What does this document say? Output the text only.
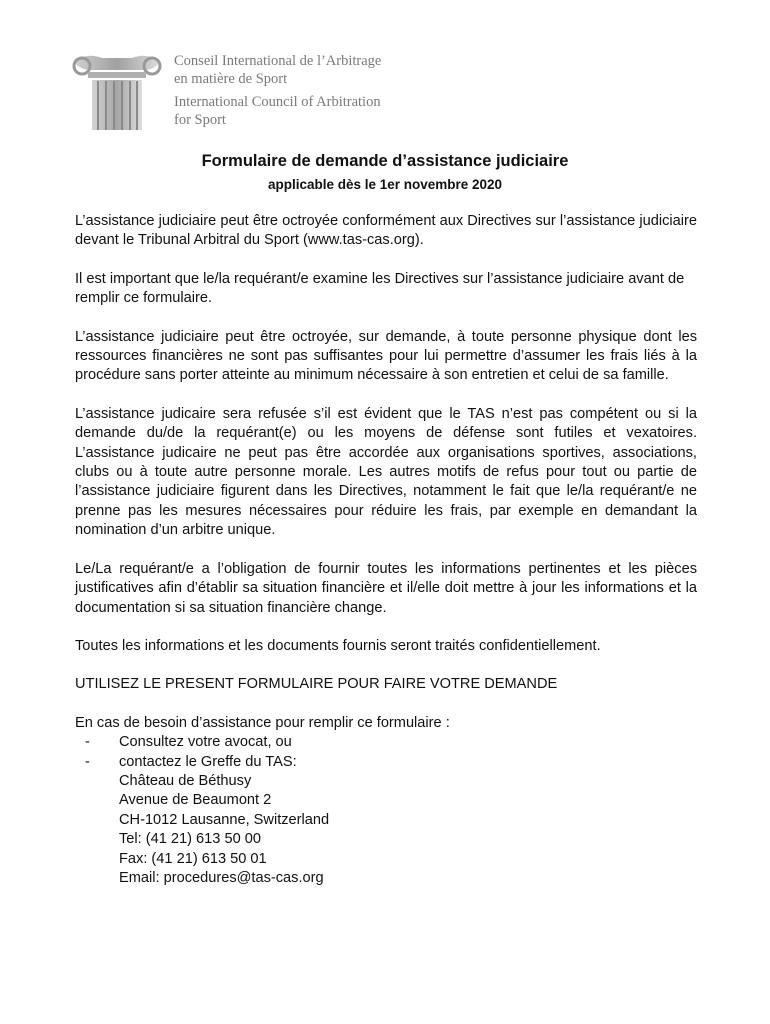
Conseil International de l’Arbitrage
en matière de Sport
International Council of Arbitration
for Sport
Formulaire de demande d’assistance judiciaire
applicable dès le 1er novembre 2020

L’assistance judiciaire peut être octroyée conformément aux Directives sur l’assistance judiciaire devant le Tribunal Arbitral du Sport (www.tas-cas.org).

Il est important que le/la requérant/e examine les Directives sur l’assistance judiciaire avant de remplir ce formulaire.

L’assistance judiciaire peut être octroyée, sur demande, à toute personne physique dont les ressources financières ne sont pas suffisantes pour lui permettre d’assumer les frais liés à la procédure sans porter atteinte au minimum nécessaire à son entretien et celui de sa famille.

L’assistance judicaire sera refusée s’il est évident que le TAS n’est pas compétent ou si la demande du/de la requérant(e) ou les moyens de défense sont futiles et vexatoires. L’assistance judicaire ne peut pas être accordée aux organisations sportives, associations, clubs ou à toute autre personne morale. Les autres motifs de refus pour tout ou partie de l’assistance judiciaire figurent dans les Directives, notamment le fait que le/la requérant/e ne prenne pas les mesures nécessaires pour réduire les frais, par exemple en demandant la nomination d’un arbitre unique.

Le/La requérant/e a l’obligation de fournir toutes les informations pertinentes et les pièces justificatives afin d’établir sa situation financière et il/elle doit mettre à jour les informations et la documentation si sa situation financière change.

Toutes les informations et les documents fournis seront traités confidentiellement.

UTILISEZ LE PRESENT FORMULAIRE POUR FAIRE VOTRE DEMANDE

En cas de besoin d’assistance pour remplir ce formulaire :

- Consultez votre avocat, ou
- contactez le Greffe du TAS:
Château de Béthusy
Avenue de Beaumont 2
CH-1012 Lausanne, Switzerland
Tel: (41 21) 613 50 00
Fax: (41 21) 613 50 01
Email: procedures@tas-cas.org
